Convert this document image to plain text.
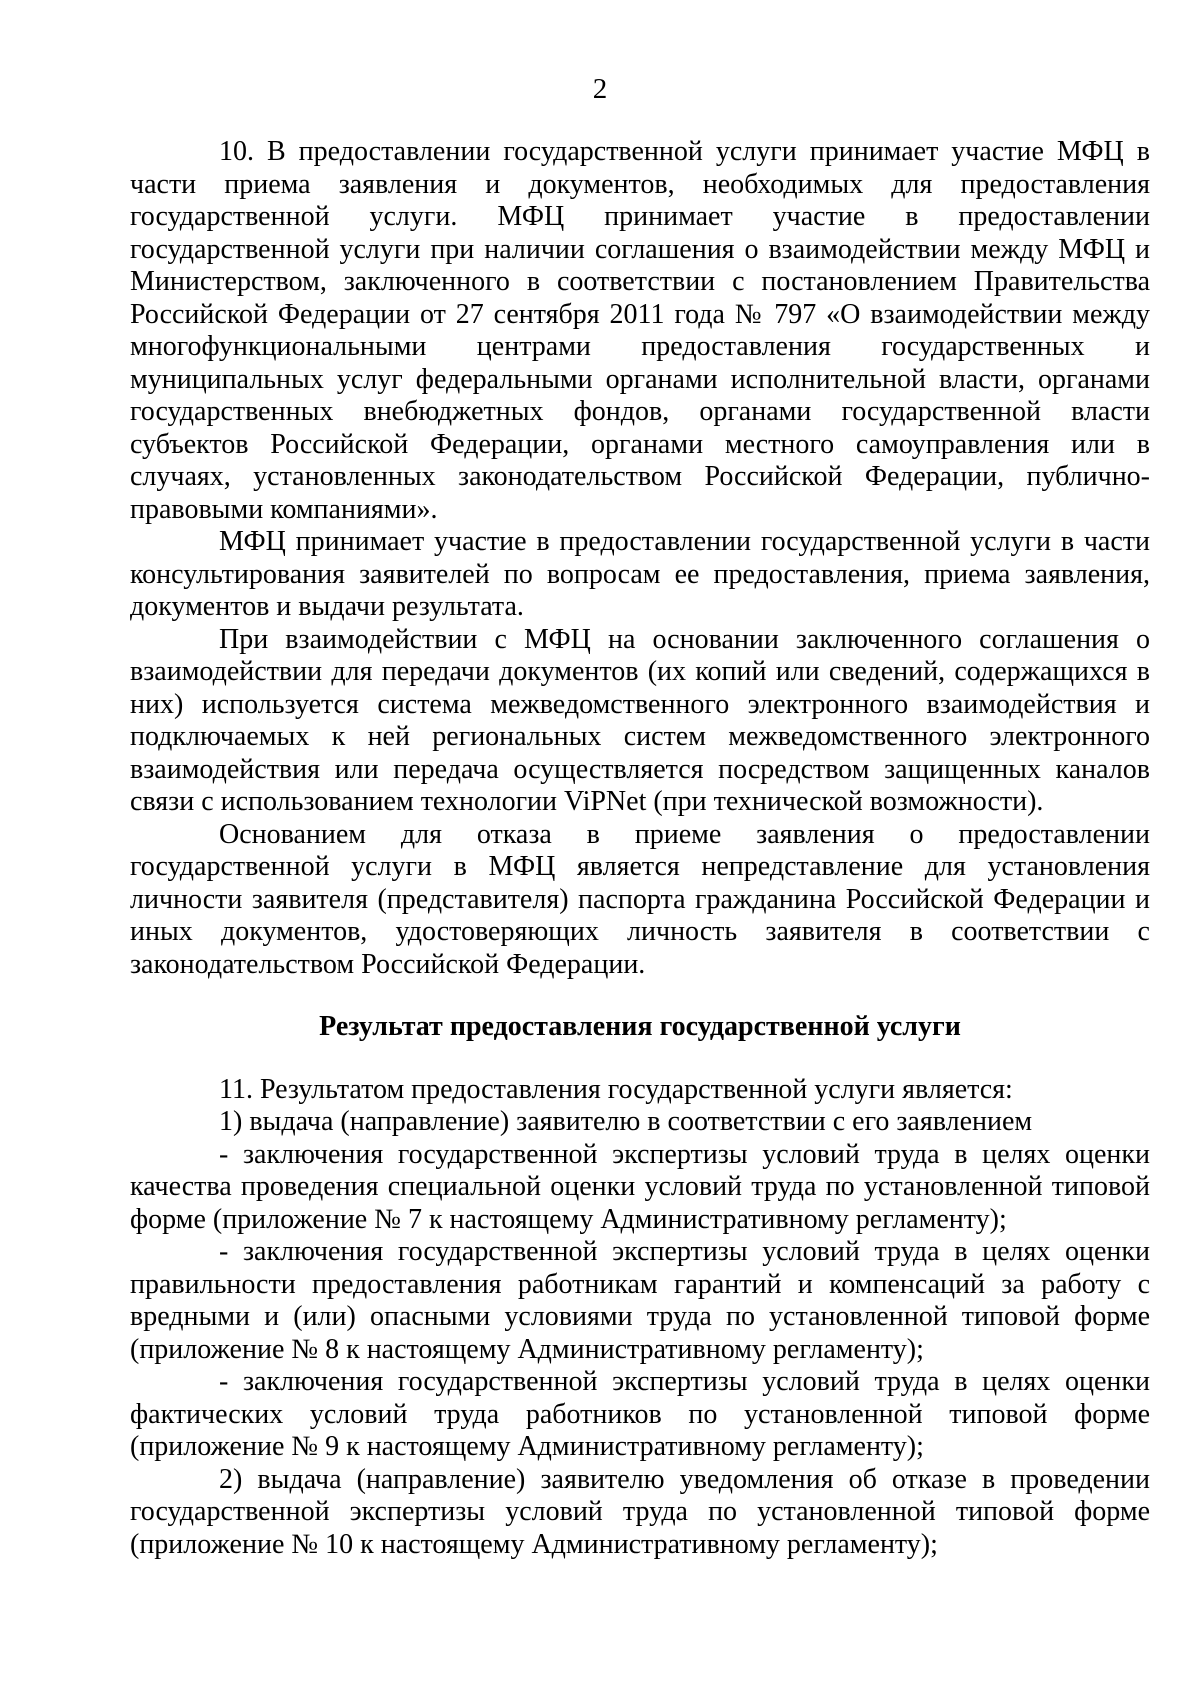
2

10. В предоставлении государственной услуги принимает участие МФЦ в части приема заявления и документов, необходимых для предоставления государственной услуги. МФЦ принимает участие в предоставлении государственной услуги при наличии соглашения о взаимодействии между МФЦ и Министерством, заключенного в соответствии с постановлением Правительства Российской Федерации от 27 сентября 2011 года № 797 «О взаимодействии между многофункциональными центрами предоставления государственных и муниципальных услуг федеральными органами исполнительной власти, органами государственных внебюджетных фондов, органами государственной власти субъектов Российской Федерации, органами местного самоуправления или в случаях, установленных законодательством Российской Федерации, публично-правовыми компаниями».

МФЦ принимает участие в предоставлении государственной услуги в части консультирования заявителей по вопросам ее предоставления, приема заявления, документов и выдачи результата.

При взаимодействии с МФЦ на основании заключенного соглашения о взаимодействии для передачи документов (их копий или сведений, содержащихся в них) используется система межведомственного электронного взаимодействия и подключаемых к ней региональных систем межведомственного электронного взаимодействия или передача осуществляется посредством защищенных каналов связи с использованием технологии ViPNet (при технической возможности).

Основанием для отказа в приеме заявления о предоставлении государственной услуги в МФЦ является непредставление для установления личности заявителя (представителя) паспорта гражданина Российской Федерации и иных документов, удостоверяющих личность заявителя в соответствии с законодательством Российской Федерации.

Результат предоставления государственной услуги

11. Результатом предоставления государственной услуги является:

1) выдача (направление) заявителю в соответствии с его заявлением

- заключения государственной экспертизы условий труда в целях оценки качества проведения специальной оценки условий труда по установленной типовой форме (приложение № 7 к настоящему Административному регламенту);

- заключения государственной экспертизы условий труда в целях оценки правильности предоставления работникам гарантий и компенсаций за работу с вредными и (или) опасными условиями труда по установленной типовой форме (приложение № 8 к настоящему Административному регламенту);

- заключения государственной экспертизы условий труда в целях оценки фактических условий труда работников по установленной типовой форме (приложение № 9 к настоящему Административному регламенту);

2) выдача (направление) заявителю уведомления об отказе в проведении государственной экспертизы условий труда по установленной типовой форме (приложение № 10 к настоящему Административному регламенту);
